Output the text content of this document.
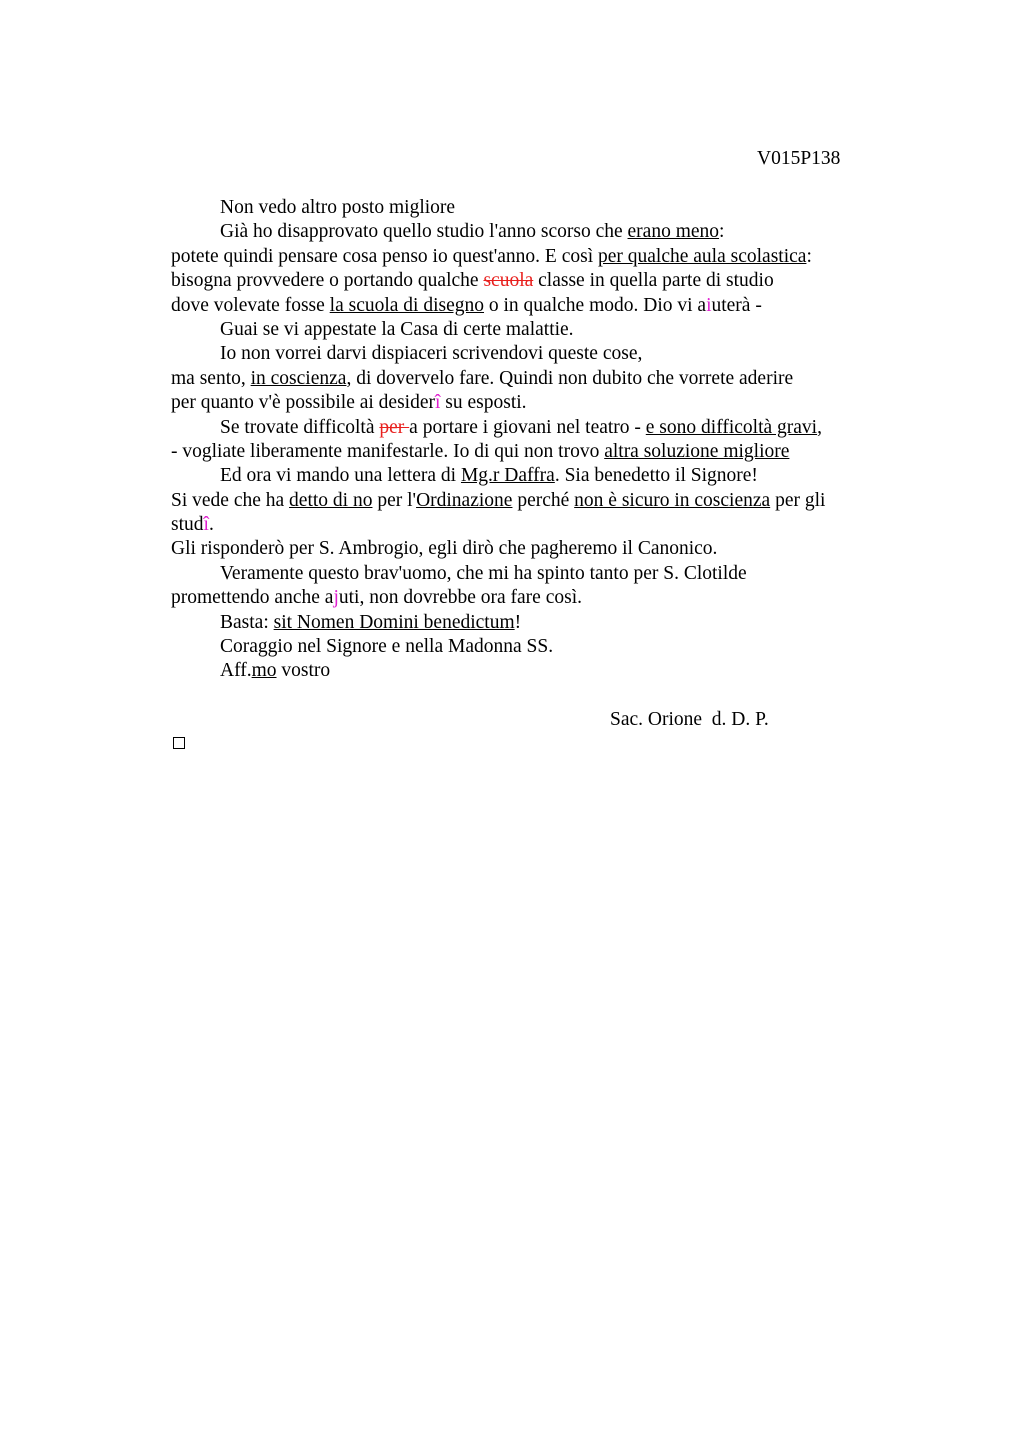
V015P138
Non vedo altro posto migliore
Già ho disapprovato quello studio l'anno scorso che erano meno:
potete quindi pensare cosa penso io quest'anno. E così per qualche aula scolastica:
bisogna provvedere o portando qualche scuola classe in quella parte di studio
dove volevate fosse la scuola di disegno o in qualche modo. Dio vi aiuterà -
Guai se vi appestate la Casa di certe malattie.
Io non vorrei darvi dispiaceri scrivendovi queste cose,
ma sento, in coscienza, di dovervelo fare. Quindi non dubito che vorrete aderire
per quanto v'è possibile ai desiderî su esposti.
Se trovate difficoltà per a portare i giovani nel teatro - e sono difficoltà gravi,
- vogliate liberamente manifestarle. Io di qui non trovo altra soluzione migliore
Ed ora vi mando una lettera di Mg.r Daffra. Sia benedetto il Signore!
Si vede che ha detto di no per l'Ordinazione perché non è sicuro in coscienza per gli
studî.
Gli risponderò per S. Ambrogio, egli dirò che pagheremo il Canonico.
Veramente questo brav'uomo, che mi ha spinto tanto per S. Clotilde
promettendo anche ajuti, non dovrebbe ora fare così.
Basta: sit Nomen Domini benedictum!
Coraggio nel Signore e nella Madonna SS.
Aff.mo vostro
Sac. Orione  d. D. P.
